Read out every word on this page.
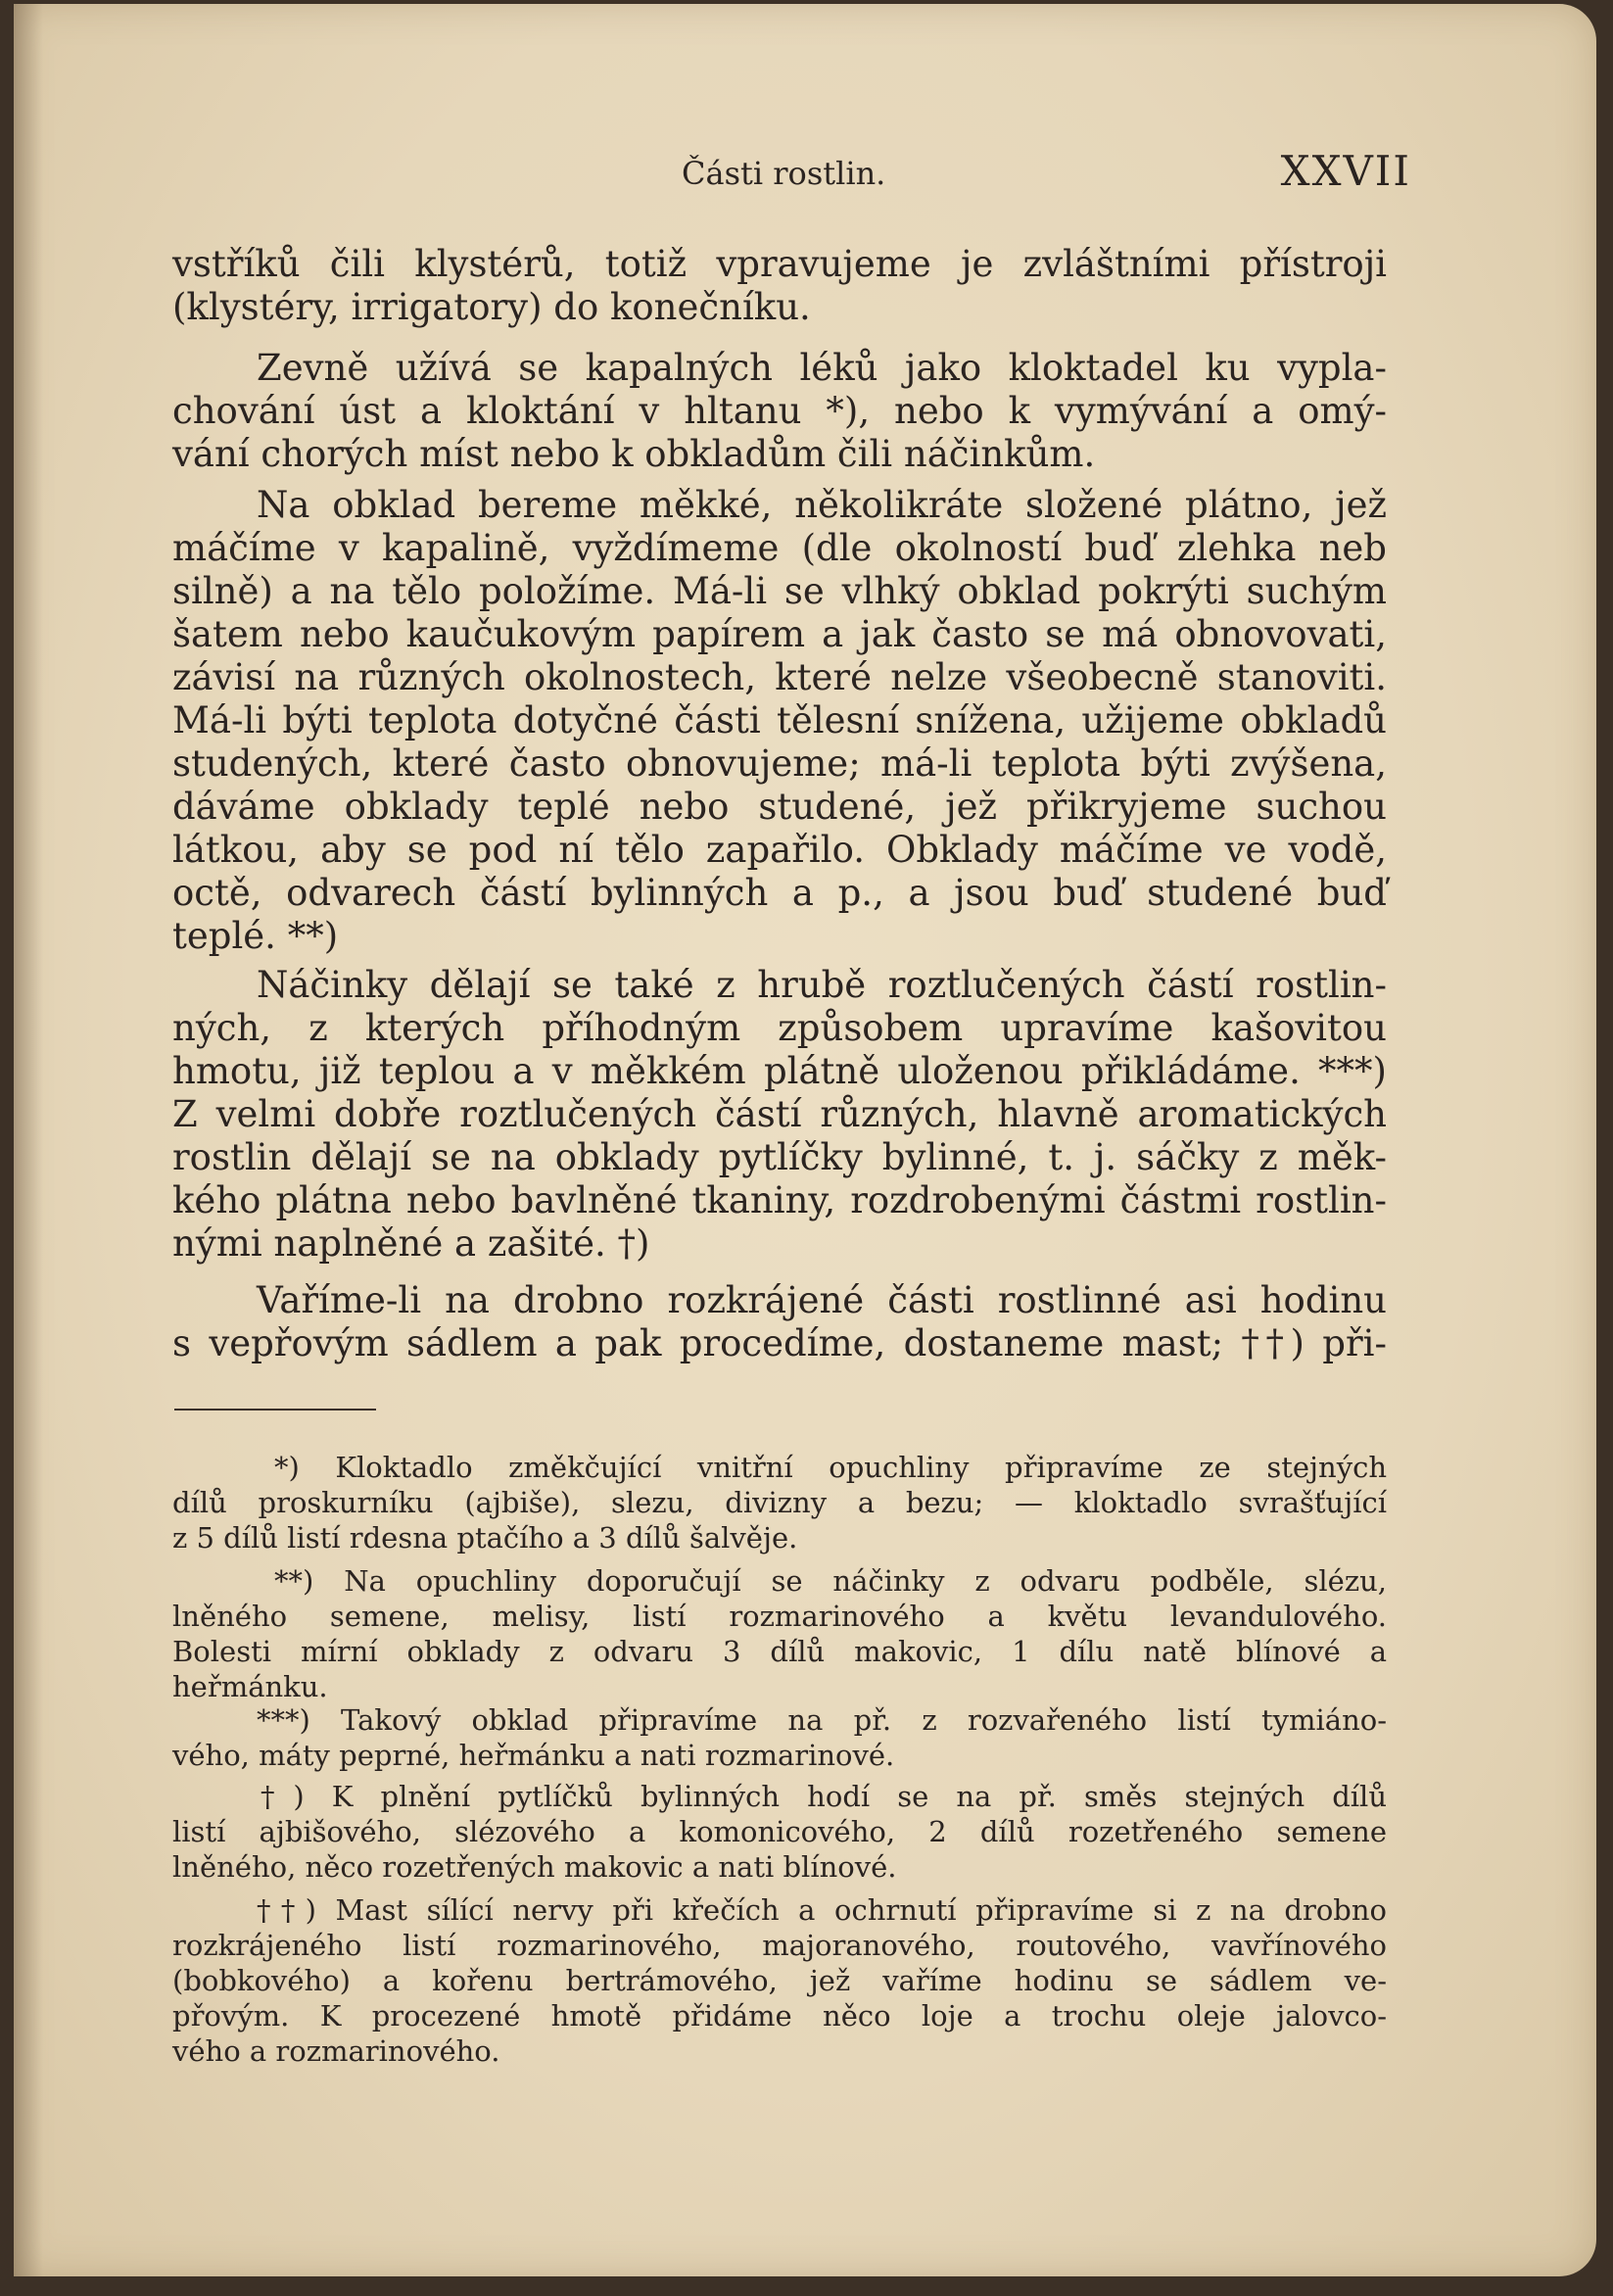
Části rostlin.	XXVII
vstříků čili klystérů, totiž vpravujeme je zvláštními přístroji
(klystéry, irrigatory) do konečníku.
Zevně užívá se kapalných léků jako kloktadel ku vypla-
chování úst a kloktání v hltanu *), nebo k vymývání a omý-
vání chorých míst nebo k obkladům čili náčinkům.
Na obklad bereme měkké, několikráte složené plátno, jež
máčíme v kapalině, vyždímeme (dle okolností buď zlehka neb
silně) a na tělo položíme. Má-li se vlhký obklad pokrýti suchým
šatem nebo kaučukovým papírem a jak často se má obnovovati,
závisí na různých okolnostech, které nelze všeobecně stanoviti.
Má-li býti teplota dotyčné části tělesní snížena, užijeme obkladů
studených, které často obnovujeme; má-li teplota býti zvýšena,
dáváme obklady teplé nebo studené, jež přikryjeme suchou
látkou, aby se pod ní tělo zapařilo. Obklady máčíme ve vodě,
octě, odvarech částí bylinných a p., a jsou buď studené buď
teplé. **)
Náčinky dělají se také z hrubě roztlučených částí rostlin-
ných, z kterých příhodným způsobem upravíme kašovitou
hmotu, již teplou a v měkkém plátně uloženou přikládáme. ***)
Z velmi dobře roztlučených částí různých, hlavně aromatických
rostlin dělají se na obklady pytlíčky bylinné, t. j. sáčky z měk-
kého plátna nebo bavlněné tkaniny, rozdrobenými částmi rostlin-
nými naplněné a zašité. †)
Vaříme-li na drobno rozkrájené části rostlinné asi hodinu
s vepřovým sádlem a pak procedíme, dostaneme mast; ††) při-
*) Kloktadlo změkčující vnitřní opuchliny připravíme ze stejných
dílů proskurníku (ajbiše), slezu, divizny a bezu; — kloktadlo svrašťující
z 5 dílů listí rdesna ptačího a 3 dílů šalvěje.
**) Na opuchliny doporučují se náčinky z odvaru podběle, slézu,
lněného semene, melisy, listí rozmarinového a květu levandulového.
Bolesti mírní obklady z odvaru 3 dílů makovic, 1 dílu natě blínové a
heřmánku.
***) Takový obklad připravíme na př. z rozvařeného listí tymiáno-
vého, máty peprné, heřmánku a nati rozmarinové.
†) K plnění pytlíčků bylinných hodí se na př. směs stejných dílů
listí ajbišového, slézového a komonicového, 2 dílů rozetřeného semene
lněného, něco rozetřených makovic a nati blínové.
††) Mast sílící nervy při křečích a ochrnutí připravíme si z na drobno
rozkrájeného listí rozmarinového, majoranového, routového, vavřínového
(bobkového) a kořenu bertrámového, jež vaříme hodinu se sádlem ve-
přovým. K procezené hmotě přidáme něco loje a trochu oleje jalovco-
vého a rozmarinového.
